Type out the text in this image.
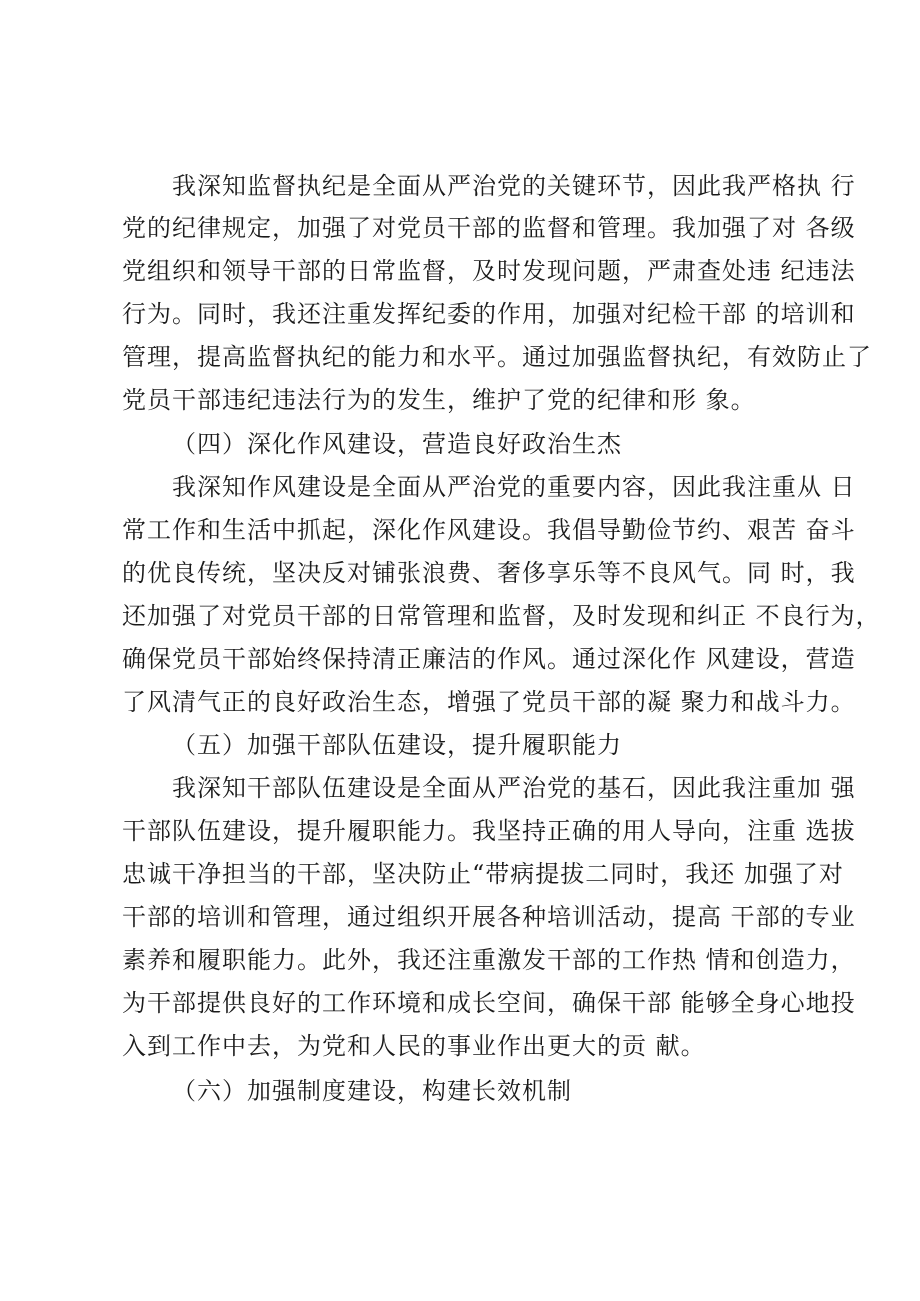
我深知监督执纪是全面从严治党的关键环节，因此我严格执 行
党的纪律规定，加强了对党员干部的监督和管理。我加强了对 各级
党组织和领导干部的日常监督，及时发现问题，严肃查处违 纪违法
行为。同时，我还注重发挥纪委的作用，加强对纪检干部 的培训和
管理，提高监督执纪的能力和水平。通过加强监督执纪，有效防止了
党员干部违纪违法行为的发生，维护了党的纪律和形 象。
（四）深化作风建设，营造良好政治生杰
我深知作风建设是全面从严治党的重要内容，因此我注重从 日
常工作和生活中抓起，深化作风建设。我倡导勤俭节约、艰苦 奋斗
的优良传统，坚决反对铺张浪费、奢侈享乐等不良风气。同 时，我
还加强了对党员干部的日常管理和监督，及时发现和纠正 不良行为，
确保党员干部始终保持清正廉洁的作风。通过深化作 风建设，营造
了风清气正的良好政治生态，增强了党员干部的凝 聚力和战斗力。
（五）加强干部队伍建设，提升履职能力
我深知干部队伍建设是全面从严治党的基石，因此我注重加 强
干部队伍建设，提升履职能力。我坚持正确的用人导向，注重 选拔
忠诚干净担当的干部，坚决防止“带病提拔二同时，我还 加强了对
干部的培训和管理，通过组织开展各种培训活动，提高 干部的专业
素养和履职能力。此外，我还注重激发干部的工作热 情和创造力，
为干部提供良好的工作环境和成长空间，确保干部 能够全身心地投
入到工作中去，为党和人民的事业作出更大的贡 献。
（六）加强制度建设，构建长效机制
